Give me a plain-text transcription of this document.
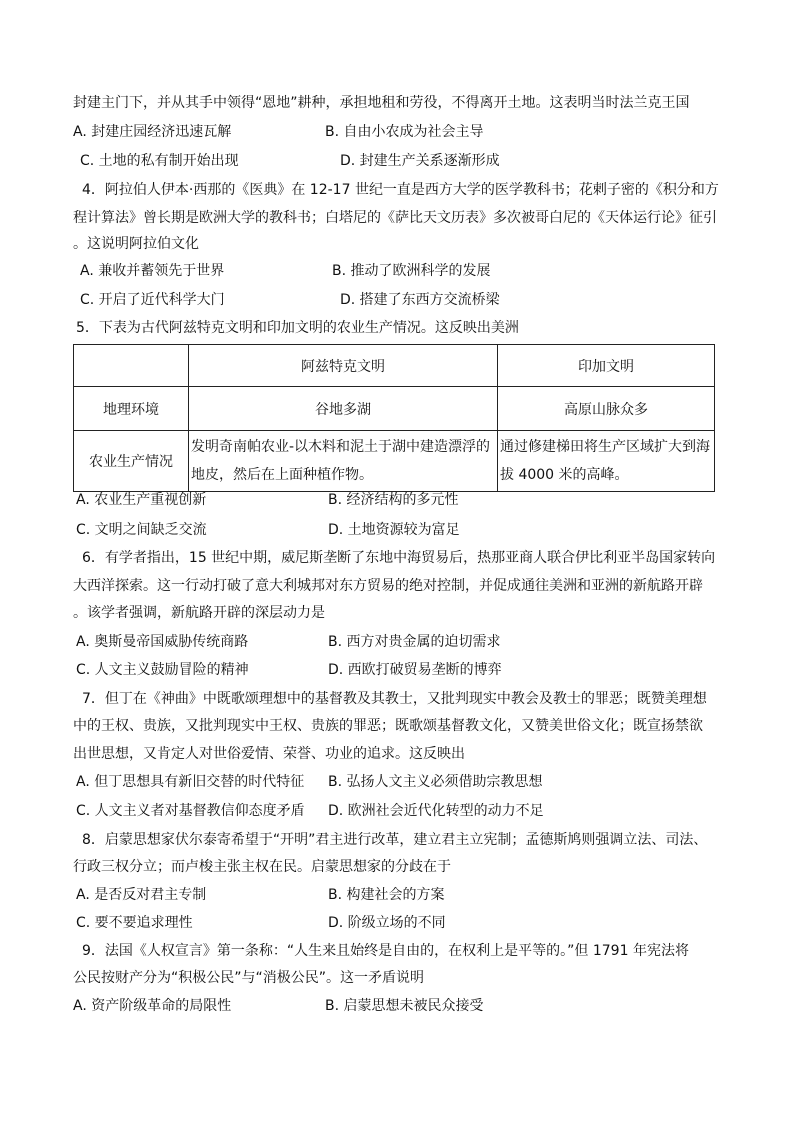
封建主门下，并从其手中领得“恩地”耕种，承担地租和劳役，不得离开土地。这表明当时法兰克王国
A. 封建庄园经济迅速瓦解	B. 自由小农成为社会主导
C. 土地的私有制开始出现	D. 封建生产关系逐渐形成
4．阿拉伯人伊本·西那的《医典》在 12-17 世纪一直是西方大学的医学教科书；花剌子密的《积分和方
程计算法》曾长期是欧洲大学的教科书；白塔尼的《萨比天文历表》多次被哥白尼的《天体运行论》征引
。这说明阿拉伯文化
A. 兼收并蓄领先于世界	B. 推动了欧洲科学的发展
C. 开启了近代科学大门	D. 搭建了东西方交流桥梁
5．下表为古代阿兹特克文明和印加文明的农业生产情况。这反映出美洲
	阿兹特克文明	印加文明
地理环境	谷地多湖	高原山脉众多
农业生产情况	发明奇南帕农业-以木料和泥土于湖中建造漂浮的地皮，然后在上面种植作物。	通过修建梯田将生产区域扩大到海拔 4000 米的高峰。
A. 农业生产重视创新	B. 经济结构的多元性
C. 文明之间缺乏交流	D. 土地资源较为富足
6．有学者指出，15 世纪中期，威尼斯垄断了东地中海贸易后，热那亚商人联合伊比利亚半岛国家转向
大西洋探索。这一行动打破了意大利城邦对东方贸易的绝对控制，并促成通往美洲和亚洲的新航路开辟
。该学者强调，新航路开辟的深层动力是
A. 奥斯曼帝国威胁传统商路	B. 西方对贵金属的迫切需求
C. 人文主义鼓励冒险的精神	D. 西欧打破贸易垄断的博弈
7．但丁在《神曲》中既歌颂理想中的基督教及其教士，又批判现实中教会及教士的罪恶；既赞美理想
中的王权、贵族，又批判现实中王权、贵族的罪恶；既歌颂基督教文化，又赞美世俗文化；既宣扬禁欲
出世思想，又肯定人对世俗爱情、荣誉、功业的追求。这反映出
A. 但丁思想具有新旧交替的时代特征 B. 弘扬人文主义必须借助宗教思想
C. 人文主义者对基督教信仰态度矛盾 D. 欧洲社会近代化转型的动力不足
8．启蒙思想家伏尔泰寄希望于“开明”君主进行改革，建立君主立宪制；孟德斯鸠则强调立法、司法、
行政三权分立；而卢梭主张主权在民。启蒙思想家的分歧在于
A. 是否反对君主专制	B. 构建社会的方案
C. 要不要追求理性	D. 阶级立场的不同
9．法国《人权宣言》第一条称：“人生来且始终是自由的，在权利上是平等的。”但 1791 年宪法将
公民按财产分为“积极公民”与“消极公民”。这一矛盾说明
A. 资产阶级革命的局限性	B. 启蒙思想未被民众接受
